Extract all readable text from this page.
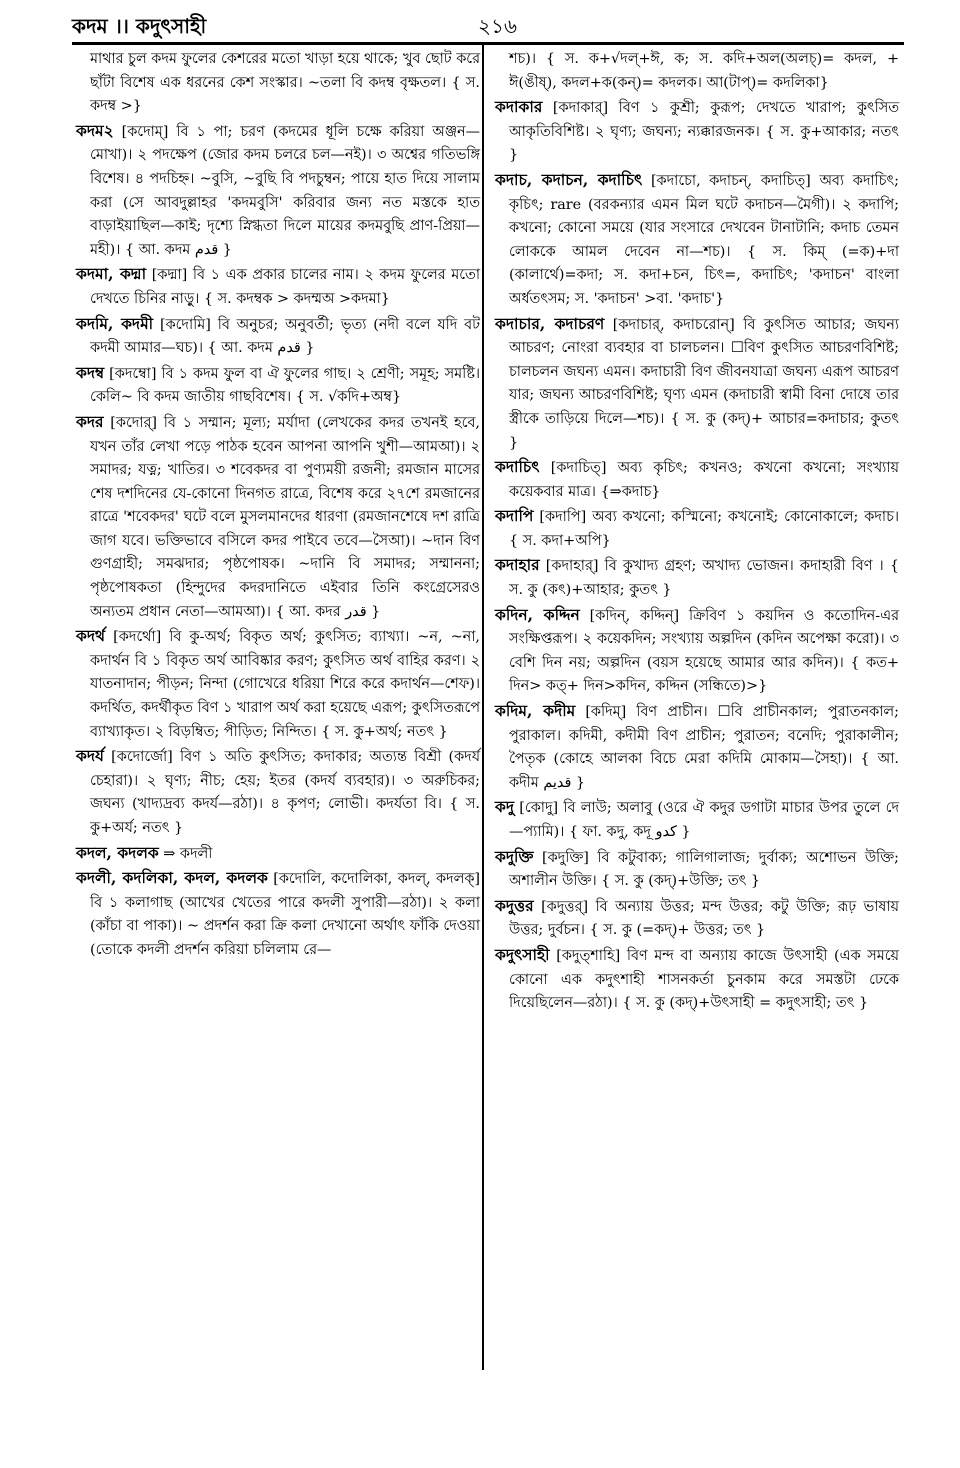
কদম ।। কদুৎসাহী	২১৬

মাথার চুল কদম ফুলের কেশরের মতো খাড়া হয়ে থাকে; খুব ছোট করে ছাঁটা বিশেষ এক ধরনের কেশ সংস্কার। ~তলা বি কদম্ব বৃক্ষতল। { স. কদম্ব >}

কদম২ [কদোম্] বি ১ পা; চরণ (কদমের ধূলি চক্ষে করিয়া অঞ্জন—মোখা)। ২ পদক্ষেপ (জোর কদম চলরে চল—নই)। ৩ অশ্বের গতিভঙ্গি বিশেষ। ৪ পদচিহ্ন। ~বুসি, ~বুছি বি পদচুম্বন; পায়ে হাত দিয়ে সালাম করা (সে আবদুল্লাহর 'কদমবুসি' করিবার জন্য নত মস্তকে হাত বাড়াইয়াছিল—কাই; দৃশ্যে স্নিগ্ধতা দিলে মায়ের কদমবুছি প্রাণ-প্রিয়া—মহী)। { আ. কদম قدم }

কদমা, কদ্মা [কদ্মা] বি ১ এক প্রকার চালের নাম। ২ কদম ফুলের মতো দেখতে চিনির নাড়ু। { স. কদম্বক > কদম্মঅ >কদমা}

কদমি, কদমী [কদোমি] বি অনুচর; অনুবর্তী; ভৃত্য (নদী বলে যদি বট কদমী আমার—ঘচ)। { আ. কদম قدم }

কদম্ব [কদম্বো] বি ১ কদম ফুল বা ঐ ফুলের গাছ। ২ শ্রেণী; সমূহ; সমষ্টি। কেলি~ বি কদম জাতীয় গাছবিশেষ। { স. √কদি+অম্ব}

কদর [কদোর্] বি ১ সম্মান; মূল্য; মর্যাদা (লেখকের কদর তখনই হবে, যখন তাঁর লেখা পড়ে পাঠক হবেন আপনা আপনি খুশী—আমআ)। ২ সমাদর; যত্ন; খাতির। ৩ শবেকদর বা পুণ্যময়ী রজনী; রমজান মাসের শেষ দশদিনের যে-কোনো দিনগত রাত্রে, বিশেষ করে ২৭শে রমজানের রাত্রে 'শবেকদর' ঘটে বলে মুসলমানদের ধারণা (রমজানশেষে দশ রাত্রি জাগ যবে। ভক্তিভাবে বসিলে কদর পাইবে তবে—সৈআ)। ~দান বিণ গুণগ্রাহী; সমঝদার; পৃষ্ঠপোষক। ~দানি বি সমাদর; সম্মাননা; পৃষ্ঠপোষকতা (হিন্দুদের কদরদানিতে এইবার তিনি কংগ্রেসেরও অন্যতম প্রধান নেতা—আমআ)। { আ. কদর قدر }

কদর্থ [কদর্থো] বি কু-অর্থ; বিকৃত অর্থ; কুৎসিত; ব্যাখ্যা। ~ন, ~না, কদার্থন বি ১ বিকৃত অর্থ আবিষ্কার করণ; কুৎসিত অর্থ বাহির করণ। ২ যাতনাদান; পীড়ন; নিন্দা (গোখেরে ধরিয়া শিরে করে কদার্থন—শেফ)। কদর্থিত, কদর্থীকৃত বিণ ১ খারাপ অর্থ করা হয়েছে এরূপ; কুৎসিতরূপে ব্যাখ্যাকৃত। ২ বিড়ম্বিত; পীড়িত; নিন্দিত। { স. কু+অর্থ; নতৎ }

কদর্য [কদোর্জো] বিণ ১ অতি কুৎসিত; কদাকার; অত্যন্ত বিশ্রী (কদর্য চেহারা)। ২ ঘৃণ্য; নীচ; হেয়; ইতর (কদর্য ব্যবহার)। ৩ অরুচিকর; জঘন্য (খাদ্যদ্রব্য কদর্য—রঠা)। ৪ কৃপণ; লোভী। কদর্যতা বি। { স. কু+অর্য; নতৎ }

কদল, কদলক ⇒ কদলী

কদলী, কদলিকা, কদল, কদলক [কদোলি, কদোলিকা, কদল্, কদলক্] বি ১ কলাগাছ (আখের খেতের পারে কদলী সুপারী—রঠা)। ২ কলা (কাঁচা বা পাকা)। ~ প্রদর্শন করা ক্রি কলা দেখানো অর্থাৎ ফাঁকি দেওয়া (তোকে কদলী প্রদর্শন করিয়া চলিলাম রে—

শচ)। { স. ক+√দল্+ঈ, ক; স. কদি+অল(অলচ্)= কদল, + ঈ(ঙীষ্), কদল+ক(কন্)= কদলক। আ(টাপ্)= কদলিকা}

কদাকার [কদাকার্] বিণ ১ কুশ্রী; কুরূপ; দেখতে খারাপ; কুৎসিত আকৃতিবিশিষ্ট। ২ ঘৃণ্য; জঘন্য; ন্যক্কারজনক। { স. কু+আকার; নতৎ }

কদাচ, কদাচন, কদাচিৎ [কদাচো, কদাচন্, কদাচিত্] অব্য কদাচিৎ; কৃচিৎ; rare (বরকন্যার এমন মিল ঘটে কদাচন—মৈগী)। ২ কদাপি; কখনো; কোনো সময়ে (যার সংসারে দেখবেন টানাটানি; কদাচ তেমন লোককে আমল দেবেন না—শচ)। { স. কিম্ (=ক)+দা (কালার্থে)=কদা; স. কদা+চন, চিৎ=, কদাচিৎ; 'কদাচন' বাংলা অর্ধতৎসম; স. 'কদাচন' >বা. 'কদাচ'}

কদাচার, কদাচরণ [কদাচার্, কদাচরোন্] বি কুৎসিত আচার; জঘন্য আচরণ; নোংরা ব্যবহার বা চালচলন। ☐বিণ কুৎসিত আচরণবিশিষ্ট; চালচলন জঘন্য এমন। কদাচারী বিণ জীবনযাত্রা জঘন্য এরূপ আচরণ যার; জঘন্য আচরণবিশিষ্ট; ঘৃণ্য এমন (কদাচারী স্বামী বিনা দোষে তার স্ত্রীকে তাড়িয়ে দিলে—শচ)। { স. কু (কদ্)+ আচার=কদাচার; কুতৎ }

কদাচিৎ [কদাচিত্] অব্য কৃচিৎ; কখনও; কখনো কখনো; সংখ্যায় কয়েকবার মাত্র। {⇒কদাচ}

কদাপি [কদাপি] অব্য কখনো; কস্মিনো; কখনোই; কোনোকালে; কদাচ। { স. কদা+অপি}

কদাহার [কদাহার্] বি কুখাদ্য গ্রহণ; অখাদ্য ভোজন। কদাহারী বিণ । { স. কু (কৎ)+আহার; কুতৎ }

কদিন, কদ্দিন [কদিন্, কদ্দিন্] ক্রিবিণ ১ কয়দিন ও কতোদিন-এর সংক্ষিপ্তরূপ। ২ কয়েকদিন; সংখ্যায় অল্পদিন (কদিন অপেক্ষা করো)। ৩ বেশি দিন নয়; অল্পদিন (বয়স হয়েছে আমার আর কদিন)। { কত+ দিন> কত্+ দিন>কদিন, কদ্দিন (সন্ধিতে)>}

কদিম, কদীম [কদিম্] বিণ প্রাচীন। ☐বি প্রাচীনকাল; পুরাতনকাল; পুরাকাল। কদিমী, কদীমী বিণ প্রাচীন; পুরাতন; বনেদি; পুরাকালীন; পৈতৃক (কোহে আলকা বিচে মেরা কদিমি মোকাম—সৈহা)। { আ. কদীম قديم }

কদু [কোদু] বি লাউ; অলাবু (ওরে ঐ কদুর ডগাটা মাচার উপর তুলে দে—প্যামি)। { ফা. কদু, কদূ کدو }

কদুক্তি [কদুক্তি] বি কটুবাক্য; গালিগালাজ; দুর্বাক্য; অশোভন উক্তি; অশালীন উক্তি। { স. কু (কদ্)+উক্তি; তৎ }

কদুত্তর [কদুত্তর্] বি অন্যায় উত্তর; মন্দ উত্তর; কটু উক্তি; রূঢ় ভাষায় উত্তর; দুর্বচন। { স. কু (=কদ্)+ উত্তর; তৎ }

কদুৎসাহী [কদুত্শাহি] বিণ মন্দ বা অন্যায় কাজে উৎসাহী (এক সময়ে কোনো এক কদুৎশাহী শাসনকর্তা চুনকাম করে সমস্তটা ঢেকে দিয়েছিলেন—রঠা)। { স. কু (কদ্)+উৎসাহী = কদুৎসাহী; তৎ }
